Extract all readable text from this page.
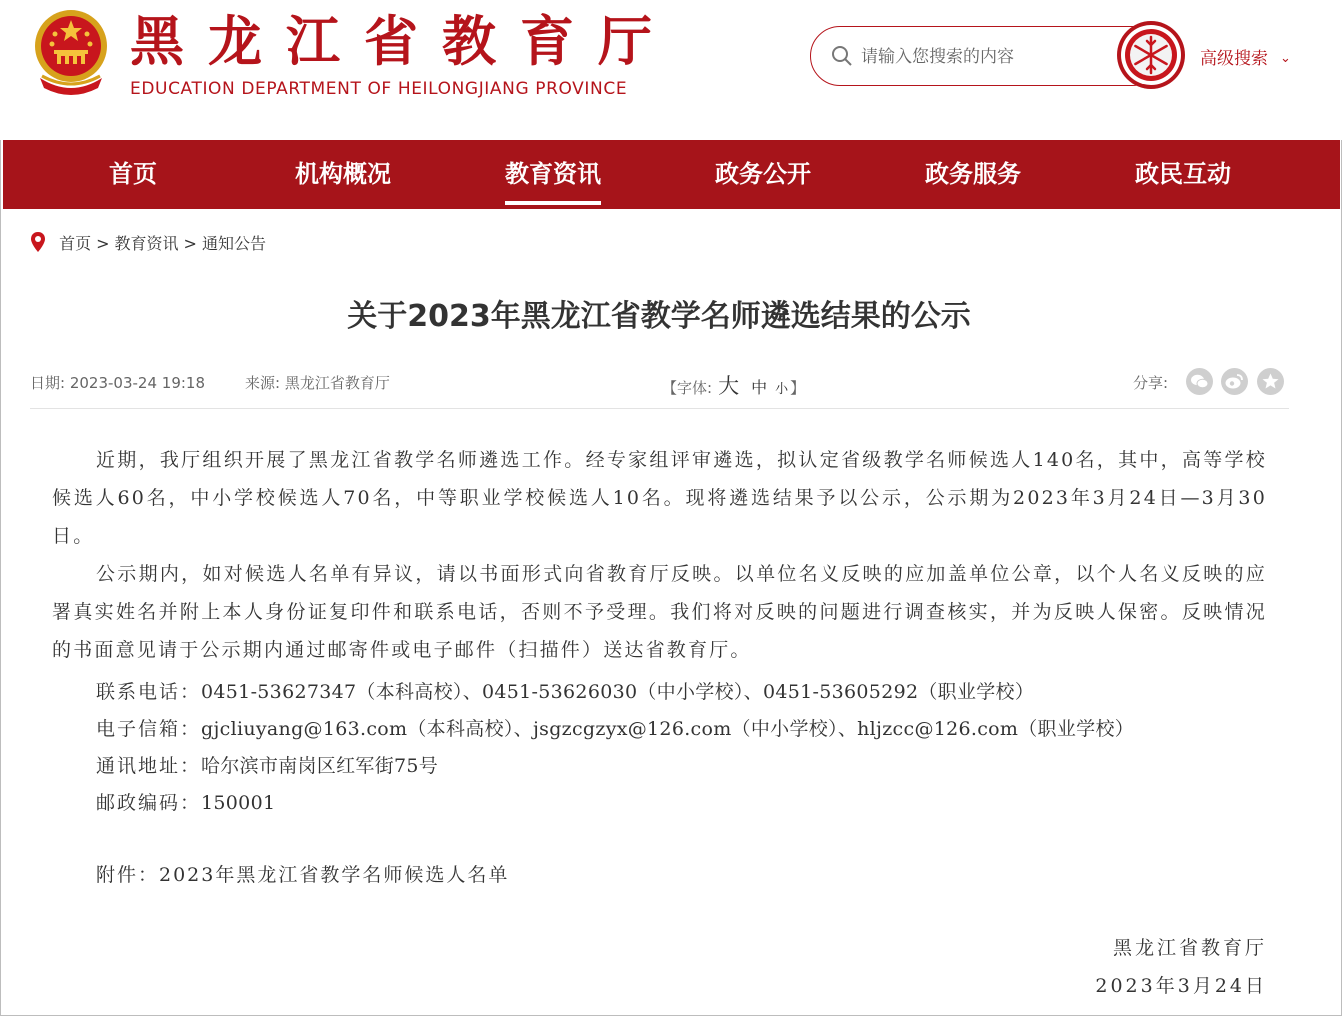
黑龙江省教育厅
EDUCATION DEPARTMENT OF HEILONGJIANG PROVINCE
请输入您搜索的内容
高级搜索 ⌄
首页	机构概况	教育资讯	政务公开	政务服务	政民互动
首页 > 教育资讯 > 通知公告
关于2023年黑龙江省教学名师遴选结果的公示
日期: 2023-03-24 19:18	来源: 黑龙江省教育厅	【字体: 大 中 小 】	分享:

近期，我厅组织开展了黑龙江省教学名师遴选工作。经专家组评审遴选，拟认定省级教学名师候选人140名，其中，高等学校候选人60名，中小学校候选人70名，中等职业学校候选人10名。现将遴选结果予以公示，公示期为2023年3月24日—3月30日。

公示期内，如对候选人名单有异议，请以书面形式向省教育厅反映。以单位名义反映的应加盖单位公章，以个人名义反映的应署真实姓名并附上本人身份证复印件和联系电话，否则不予受理。我们将对反映的问题进行调查核实，并为反映人保密。反映情况的书面意见请于公示期内通过邮寄件或电子邮件（扫描件）送达省教育厅。

联系电话：0451-53627347（本科高校）、0451-53626030（中小学校）、0451-53605292（职业学校）
电子信箱：gjcliuyang@163.com（本科高校）、jsgzcgzyx@126.com（中小学校）、hljzcc@126.com（职业学校）
通讯地址：哈尔滨市南岗区红军街75号
邮政编码：150001
附件：2023年黑龙江省教学名师候选人名单
黑龙江省教育厅
2023年3月24日
